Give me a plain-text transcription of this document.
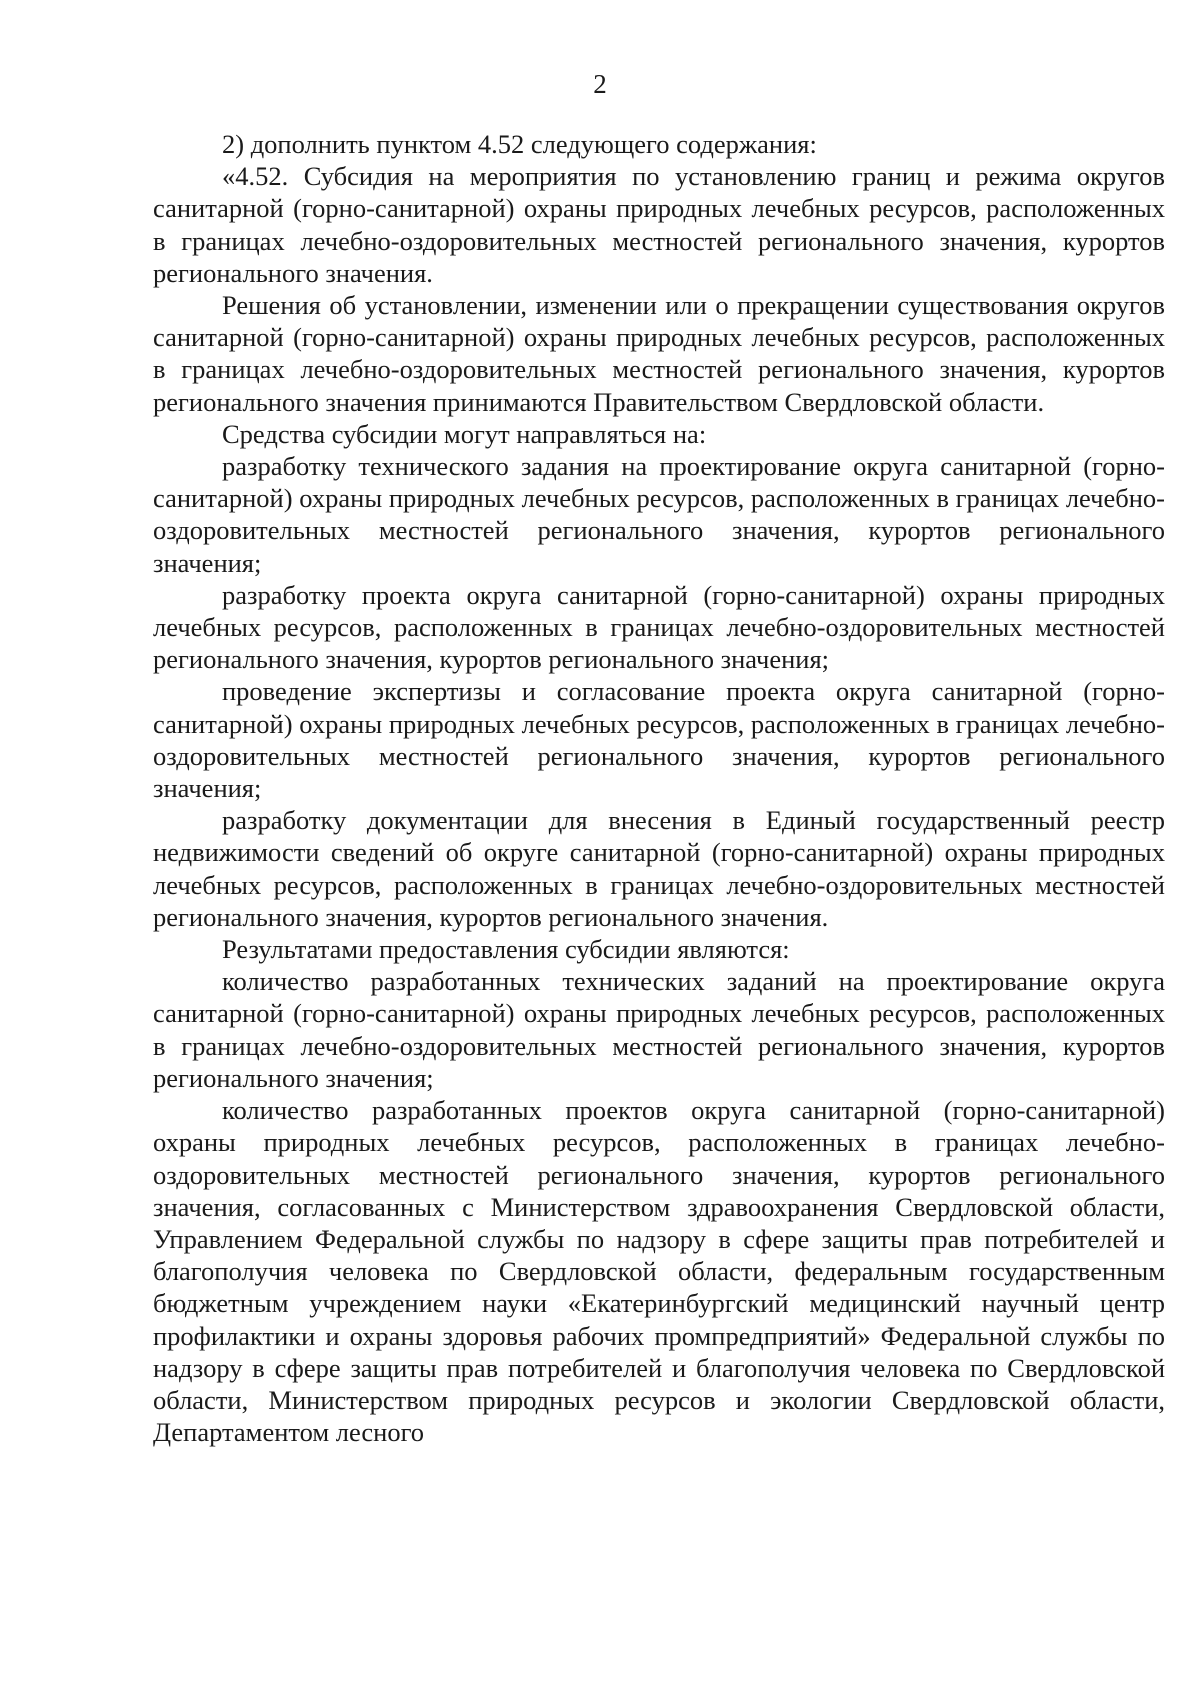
2

2) дополнить пунктом 4.52 следующего содержания:

«4.52. Субсидия на мероприятия по установлению границ и режима округов санитарной (горно-санитарной) охраны природных лечебных ресурсов, расположенных в границах лечебно-оздоровительных местностей регионального значения, курортов регионального значения.

Решения об установлении, изменении или о прекращении существования округов санитарной (горно-санитарной) охраны природных лечебных ресурсов, расположенных в границах лечебно-оздоровительных местностей регионального значения, курортов регионального значения принимаются Правительством Свердловской области.

Средства субсидии могут направляться на:

разработку технического задания на проектирование округа санитарной (горно-санитарной) охраны природных лечебных ресурсов, расположенных в границах лечебно-оздоровительных местностей регионального значения, курортов регионального значения;

разработку проекта округа санитарной (горно-санитарной) охраны природных лечебных ресурсов, расположенных в границах лечебно-оздоровительных местностей регионального значения, курортов регионального значения;

проведение экспертизы и согласование проекта округа санитарной (горно-санитарной) охраны природных лечебных ресурсов, расположенных в границах лечебно-оздоровительных местностей регионального значения, курортов регионального значения;

разработку документации для внесения в Единый государственный реестр недвижимости сведений об округе санитарной (горно-санитарной) охраны природных лечебных ресурсов, расположенных в границах лечебно-оздоровительных местностей регионального значения, курортов регионального значения.

Результатами предоставления субсидии являются:

количество разработанных технических заданий на проектирование округа санитарной (горно-санитарной) охраны природных лечебных ресурсов, расположенных в границах лечебно-оздоровительных местностей регионального значения, курортов регионального значения;

количество разработанных проектов округа санитарной (горно-санитарной) охраны природных лечебных ресурсов, расположенных в границах лечебно-оздоровительных местностей регионального значения, курортов регионального значения, согласованных с Министерством здравоохранения Свердловской области, Управлением Федеральной службы по надзору в сфере защиты прав потребителей и благополучия человека по Свердловской области, федеральным государственным бюджетным учреждением науки «Екатеринбургский медицинский научный центр профилактики и охраны здоровья рабочих промпредприятий» Федеральной службы по надзору в сфере защиты прав потребителей и благополучия человека по Свердловской области, Министерством природных ресурсов и экологии Свердловской области, Департаментом лесного
